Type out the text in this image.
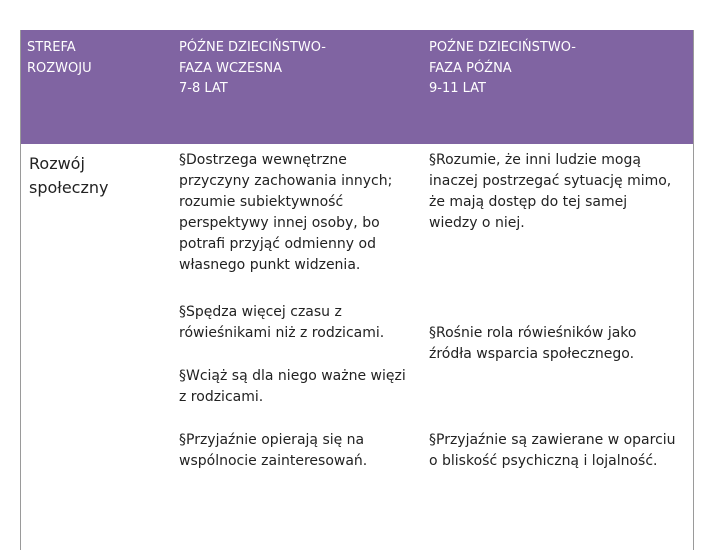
STREFA
ROZWOJU
PÓŹNE DZIECIŃSTWO-
FAZA WCZESNA
7-8 LAT
POŹNE DZIECIŃSTWO-
FAZA PÓŹNA
9-11 LAT
Rozwój
społeczny
§Dostrzega wewnętrzne
przyczyny zachowania innych;
rozumie subiektywność
perspektywy innej osoby, bo
potrafi przyjąć odmienny od
własnego punkt widzenia.
§Spędza więcej czasu z
rówieśnikami niż z rodzicami.
§Wciąż są dla niego ważne więzi
z rodzicami.
§Przyjaźnie opierają się na
wspólnocie zainteresowań.
§Rozumie, że inni ludzie mogą
inaczej postrzegać sytuację mimo,
że mają dostęp do tej samej
wiedzy o niej.
§Rośnie rola rówieśników jako
źródła wsparcia społecznego.
§Przyjaźnie są zawierane w oparciu
o bliskość psychiczną i lojalność.
